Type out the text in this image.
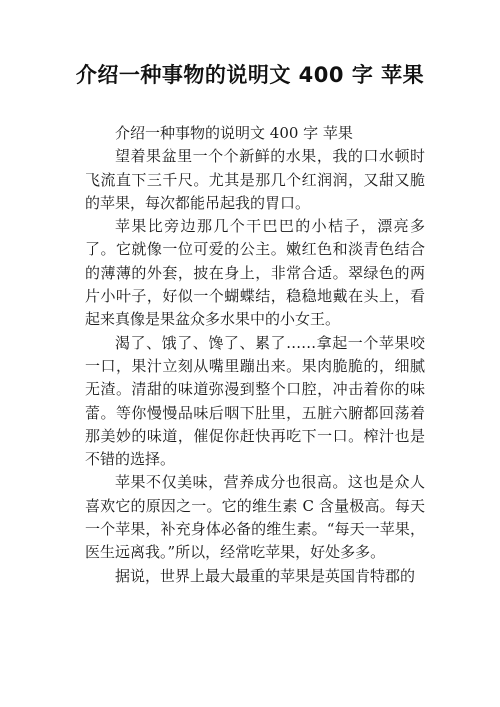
介绍一种事物的说明文 400 字 苹果

介绍一种事物的说明文 400 字 苹果

望着果盆里一个个新鲜的水果，我的口水顿时飞流直下三千尺。尤其是那几个红润润，又甜又脆的苹果，每次都能吊起我的胃口。

苹果比旁边那几个干巴巴的小桔子，漂亮多了。它就像一位可爱的公主。嫩红色和淡青色结合的薄薄的外套，披在身上，非常合适。翠绿色的两片小叶子，好似一个蝴蝶结，稳稳地戴在头上，看起来真像是果盆众多水果中的小女王。

渴了、饿了、馋了、累了……拿起一个苹果咬一口，果汁立刻从嘴里蹦出来。果肉脆脆的，细腻无渣。清甜的味道弥漫到整个口腔，冲击着你的味蕾。等你慢慢品味后咽下肚里，五脏六腑都回荡着那美妙的味道，催促你赶快再吃下一口。榨汁也是不错的选择。

苹果不仅美味，营养成分也很高。这也是众人喜欢它的原因之一。它的维生素 C 含量极高。每天一个苹果，补充身体必备的维生素。“每天一苹果，医生远离我。”所以，经常吃苹果，好处多多。

据说，世界上最大最重的苹果是英国肯特郡的
